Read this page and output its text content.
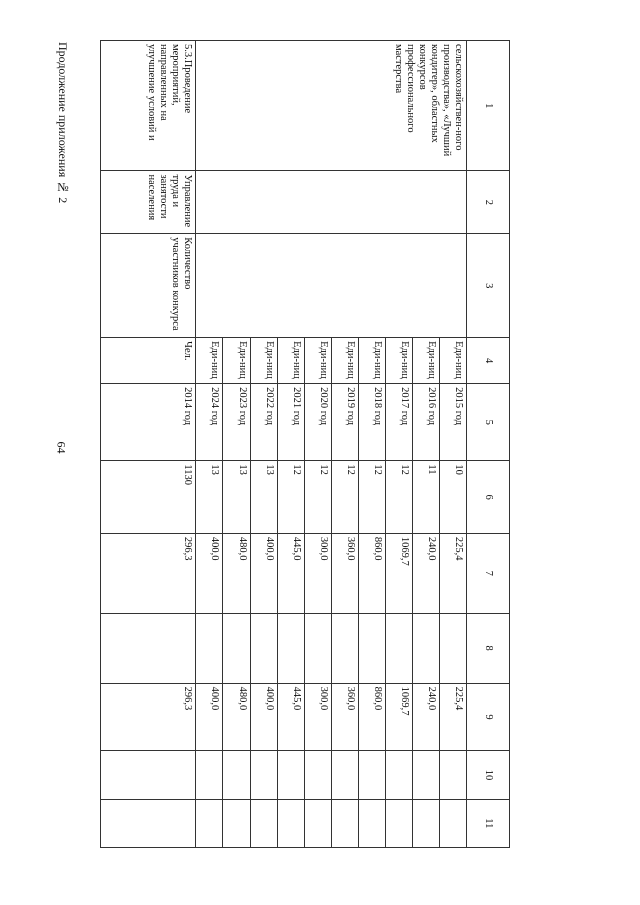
64
Продолжение приложения № 2	1	2	3	4	5	6	7	8	9	10	11
сельскохозяйствен-ного производства», «Лучший кондитер», областных конкурсов профессионального мастерства			Еди-ниц	2015 год	10	225,4		225,4		
			Еди-ниц	2016 год	11	240,0		240,0		
			Еди-ниц	2017 год	12	1069,7		1069,7		
			Еди-ниц	2018 год	12	860,0		860,0		
			Еди-ниц	2019 год	12	360,0		360,0		
			Еди-ниц	2020 год	12	300,0		300,0		
			Еди-ниц	2021 год	12	445,0		445,0		
			Еди-ниц	2022 год	13	400,0		400,0		
			Еди-ниц	2023 год	13	480,0		480,0		
			Еди-ниц	2024 год	13	400,0		400,0		
5.3.Проведение мероприятий, направленных на улучшение условий и	Управление труда и занятости населения	Количество участников конкурса	Чел.	2014 год	1130	296,3		296,3		
